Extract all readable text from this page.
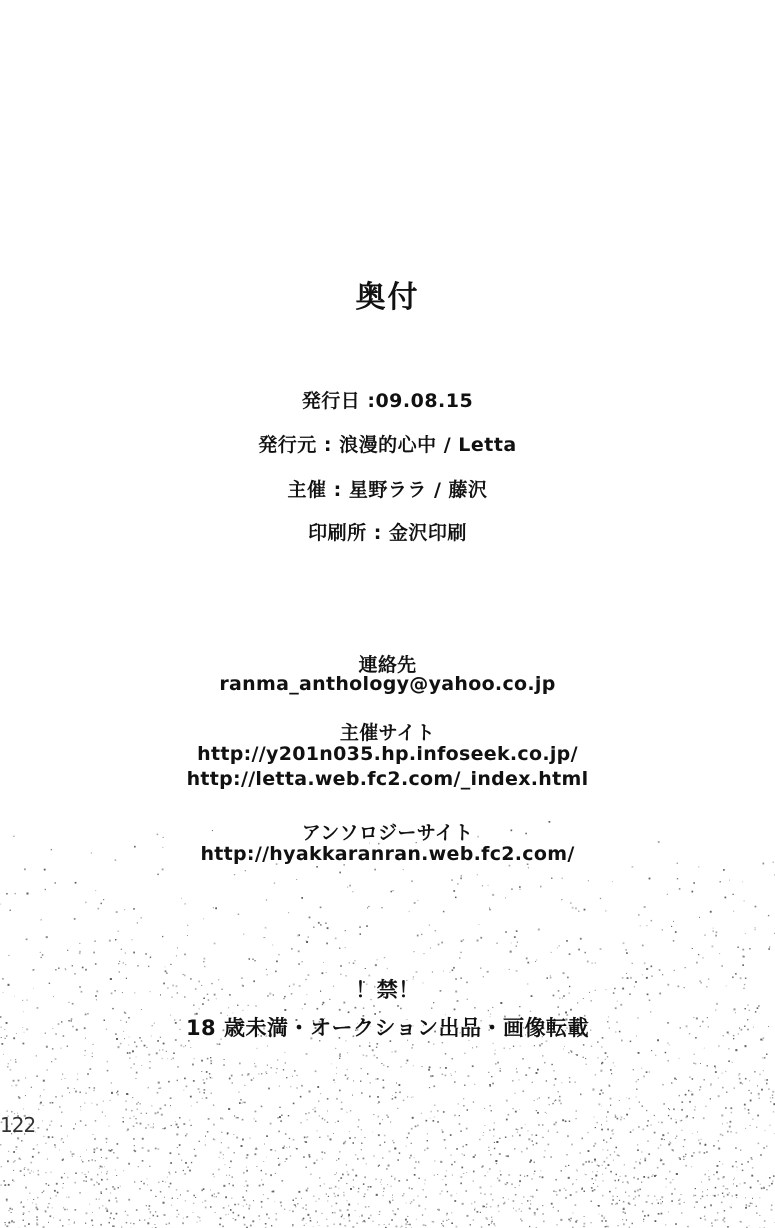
奥付
発行日 :09.08.15
発行元 : 浪漫的心中 / Letta
主催 : 星野ララ / 藤沢
印刷所 : 金沢印刷
連絡先
ranma_anthology@yahoo.co.jp
主催サイト
http://y201n035.hp.infoseek.co.jp/
http://letta.web.fc2.com/_index.html
アンソロジーサイト
http://hyakkaranran.web.fc2.com/
！禁！
18 歳未満・オークション出品・画像転載
122
